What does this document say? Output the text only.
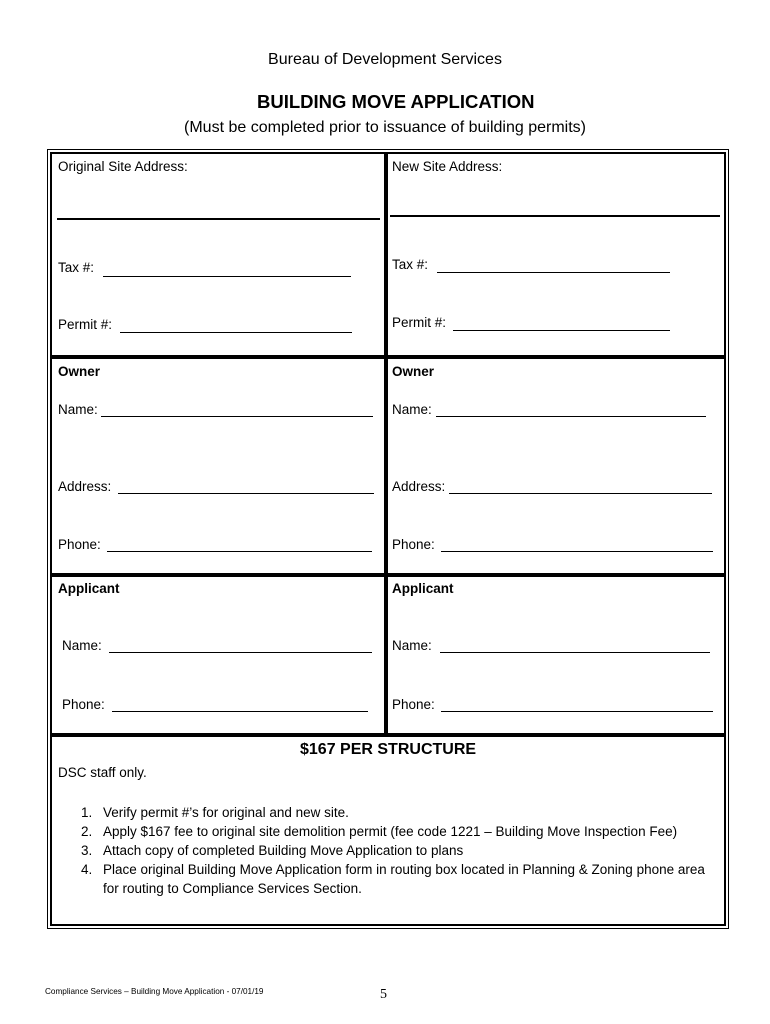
Bureau of Development Services
BUILDING MOVE APPLICATION
(Must be completed prior to issuance of building permits)
Original Site Address:
Tax #:
Permit #:
New Site Address:
Tax #:
Permit #:
Owner
Name:
Address:
Phone:
Owner
Name:
Address:
Phone:
Applicant
Name:
Phone:
Applicant
Name:
Phone:
$167 PER STRUCTURE
DSC staff only.
1. Verify permit #’s for original and new site.
2. Apply $167 fee to original site demolition permit (fee code 1221 – Building Move Inspection Fee)
3. Attach copy of completed Building Move Application to plans
4. Place original Building Move Application form in routing box located in Planning & Zoning phone area for routing to Compliance Services Section.
Compliance Services – Building Move Application - 07/01/19	5
